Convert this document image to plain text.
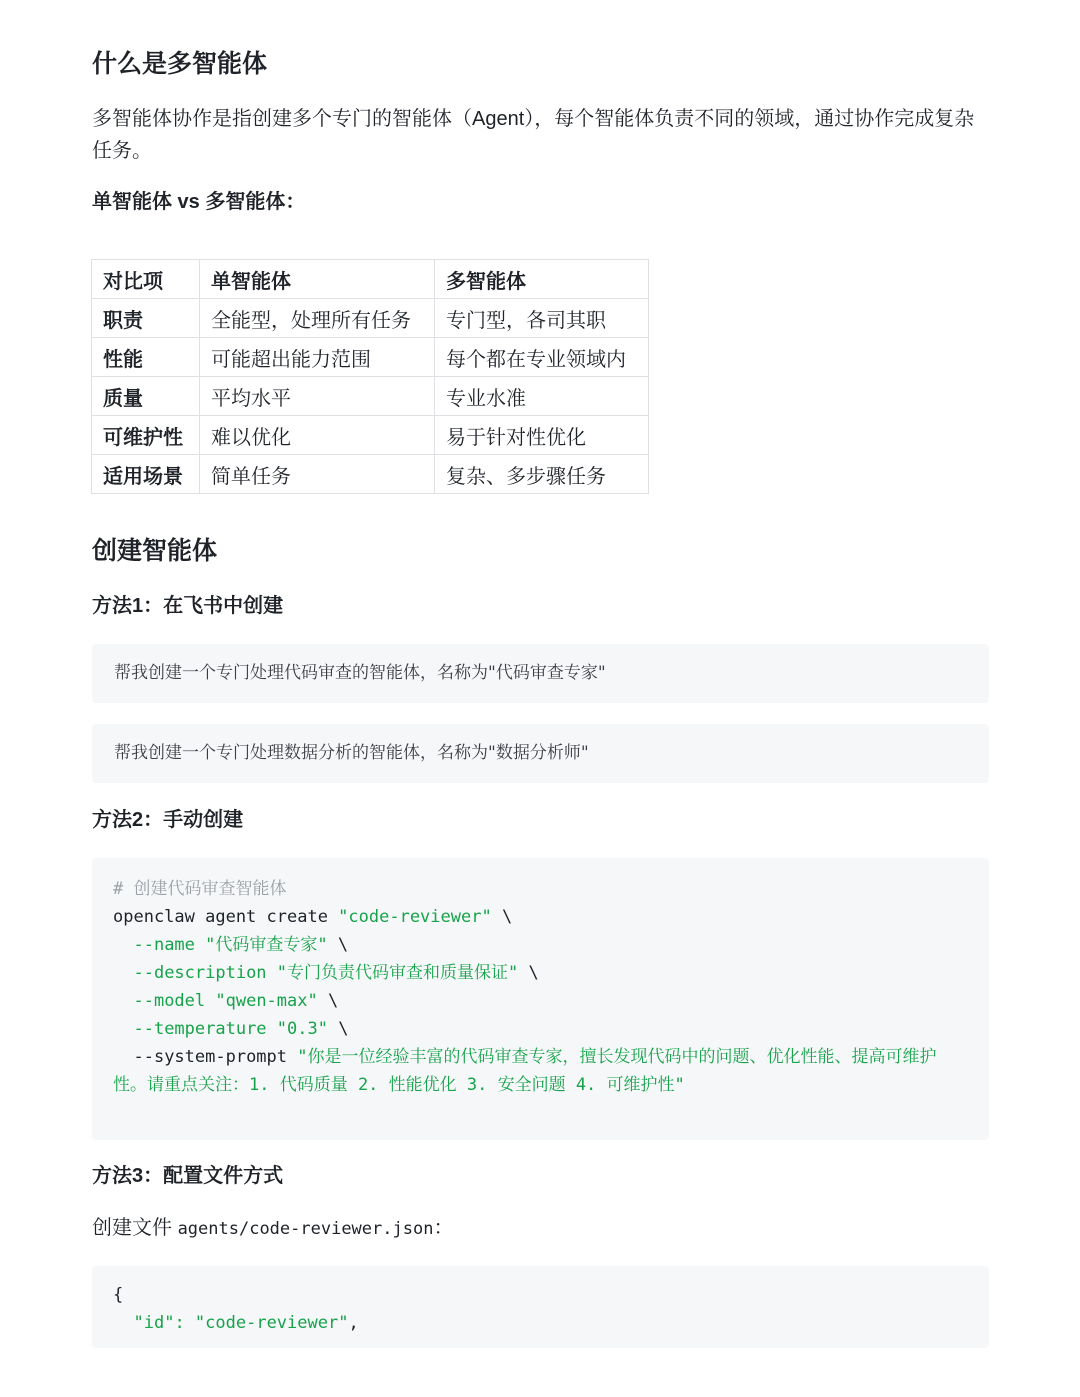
什么是多智能体

多智能体协作是指创建多个专门的智能体（Agent），每个智能体负责不同的领域，通过协作完成复杂任务。

单智能体 vs 多智能体：
对比项	单智能体	多智能体
职责	全能型，处理所有任务	专门型，各司其职
性能	可能超出能力范围	每个都在专业领域内
质量	平均水平	专业水准
可维护性	难以优化	易于针对性优化
适用场景	简单任务	复杂、多步骤任务
创建智能体
方法1：在飞书中创建
帮我创建一个专门处理代码审查的智能体，名称为"代码审查专家"
帮我创建一个专门处理数据分析的智能体，名称为"数据分析师"
方法2：手动创建
# 创建代码审查智能体
openclaw agent create "code-reviewer" \
--name "代码审查专家" \
--description "专门负责代码审查和质量保证" \
--model "qwen-max" \
--temperature "0.3" \
--system-prompt "你是一位经验丰富的代码审查专家，擅长发现代码中的问题、优化性能、提高可维护性。请重点关注：1. 代码质量 2. 性能优化 3. 安全问题 4. 可维护性"
方法3：配置文件方式

创建文件 agents/code-reviewer.json：

{
"id": "code-reviewer",
